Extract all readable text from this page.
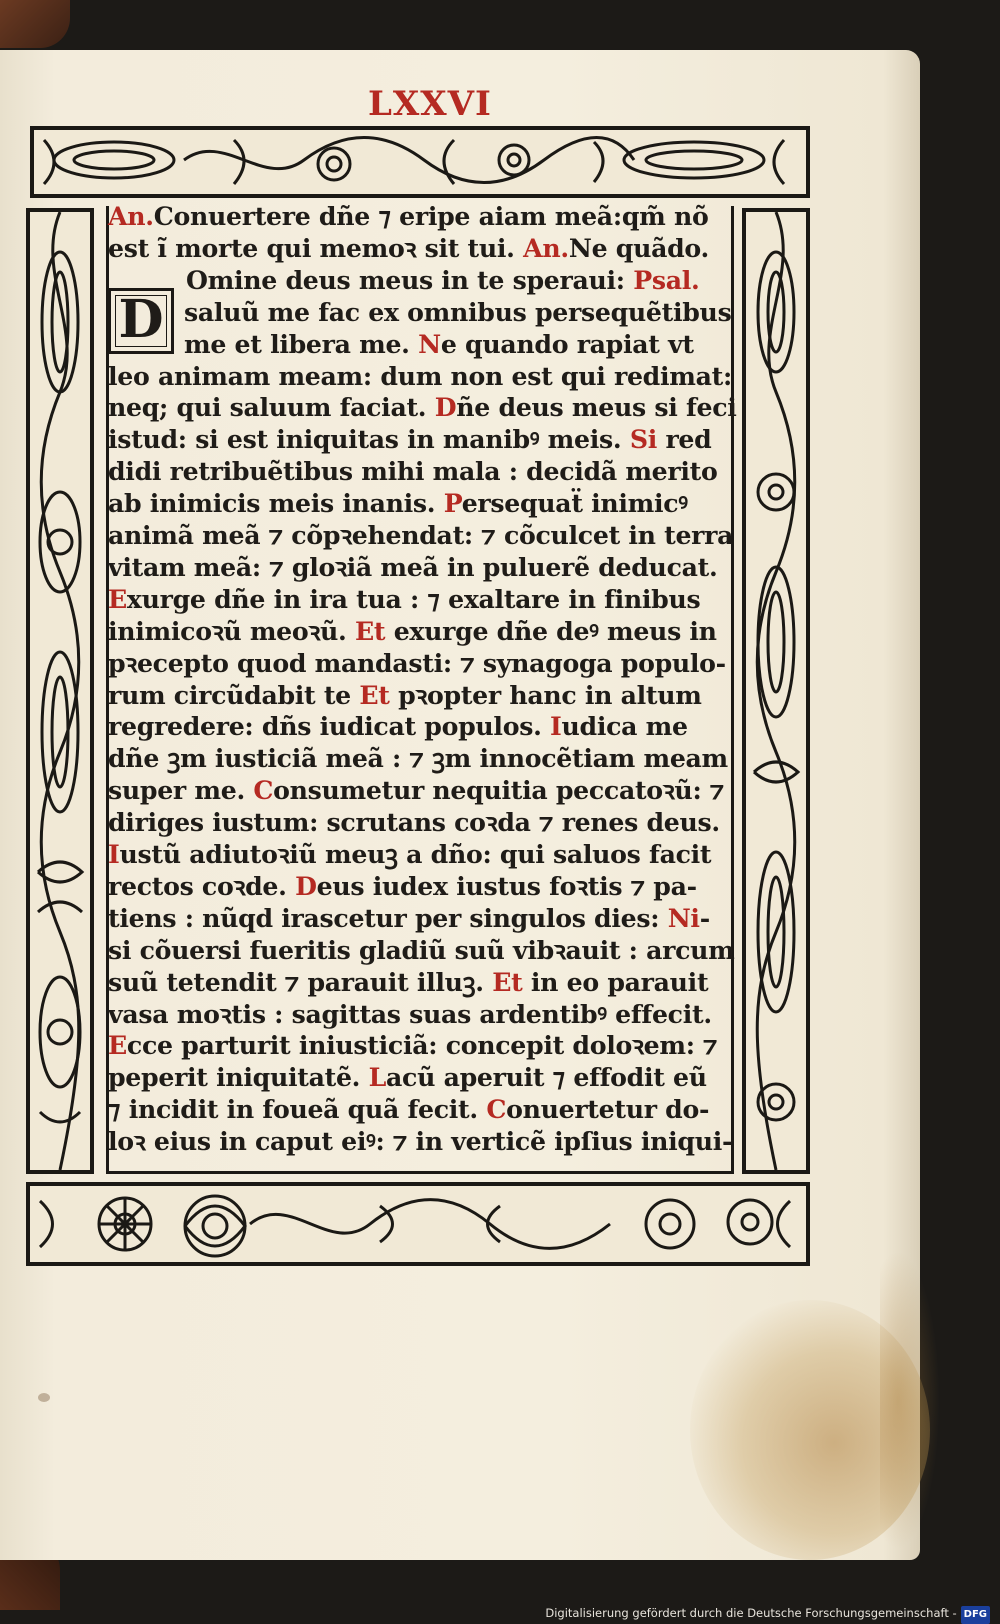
LXXVI
D
An.Conuertere dñe ⁊ eripe aiam meã:qm̃ nõ
est ĩ morte qui memoꝛ sit tui. An.Ne quãdo.
Omine deus meus in te speraui: Psal.
saluũ me fac ex omnibus persequẽtibus
me et libera me. Ne quando rapiat vt
leo animam meam: dum non est qui redimat:
neq; qui saluum faciat. Dñe deus meus si feci
istud: si est iniquitas in manibꝰ meis. Si red
didi retribuẽtibus mihi mala : decidã merito
ab inimicis meis inanis. Persequaẗ inimicꝰ
animã meã ⁊ cõpꝛehendat: ⁊ cõculcet in terra
vitam meã: ⁊ gloꝛiã meã in puluerẽ deducat.
Exurge dñe in ira tua : ⁊ exaltare in finibus
inimicoꝛũ meoꝛũ. Et exurge dñe deꝰ meus in
pꝛecepto quod mandasti: ⁊ synagoga populo-
rum circũdabit te Et pꝛopter hanc in altum
regredere: dñs iudicat populos. Iudica me
dñe ꝫm iusticiã meã : ⁊ ꝫm innocẽtiam meam
super me. Consumetur nequitia peccatoꝛũ: ⁊
diriges iustum: scrutans coꝛda ⁊ renes deus.
Iustũ adiutoꝛiũ meuꝫ a dño: qui saluos facit
rectos coꝛde. Deus iudex iustus foꝛtis ⁊ pa-
tiens : nũqd irascetur per singulos dies: Ni-
si cõuersi fueritis gladiũ suũ vibꝛauit : arcum
suũ tetendit ⁊ parauit illuꝫ. Et in eo parauit
vasa moꝛtis : sagittas suas ardentibꝰ effecit.
Ecce parturit iniusticiã: concepit doloꝛem: ⁊
peperit iniquitatẽ. Lacũ aperuit ⁊ effodit eũ
⁊ incidit in foueã quã fecit. Conuertetur do-
loꝛ eius in caput eiꝰ: ⁊ in verticẽ ipſius iniqui-
Digitalisierung gefördert durch die Deutsche Forschungsgemeinschaft - DFG
